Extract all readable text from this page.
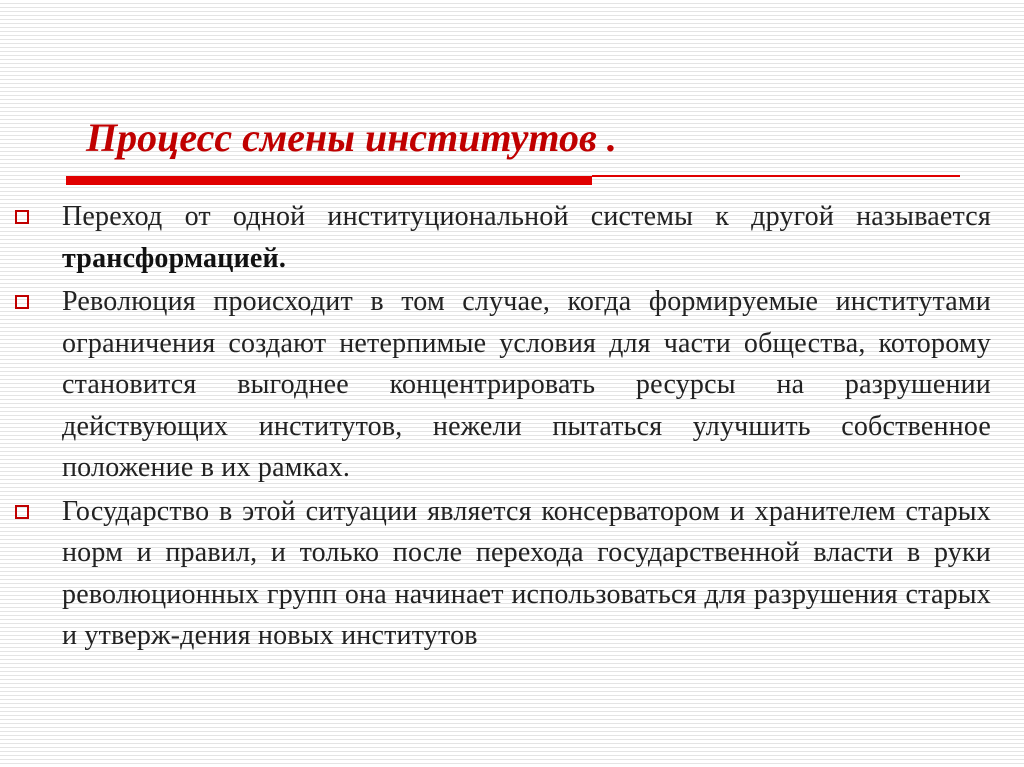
Процесс смены институтов .

Переход от одной институциональной системы к другой называется трансформацией.

Революция происходит в том случае, когда формируемые институтами ограничения создают нетерпимые условия для части общества, которому становится выгоднее концентрировать ресурсы на разрушении действующих институтов, нежели пытаться улучшить собственное положение в их рамках.

Государство в этой ситуации является консерватором и хранителем старых норм и правил, и только после перехода государственной власти в руки революционных групп она начинает использоваться для разрушения старых и утверж-дения новых институтов
